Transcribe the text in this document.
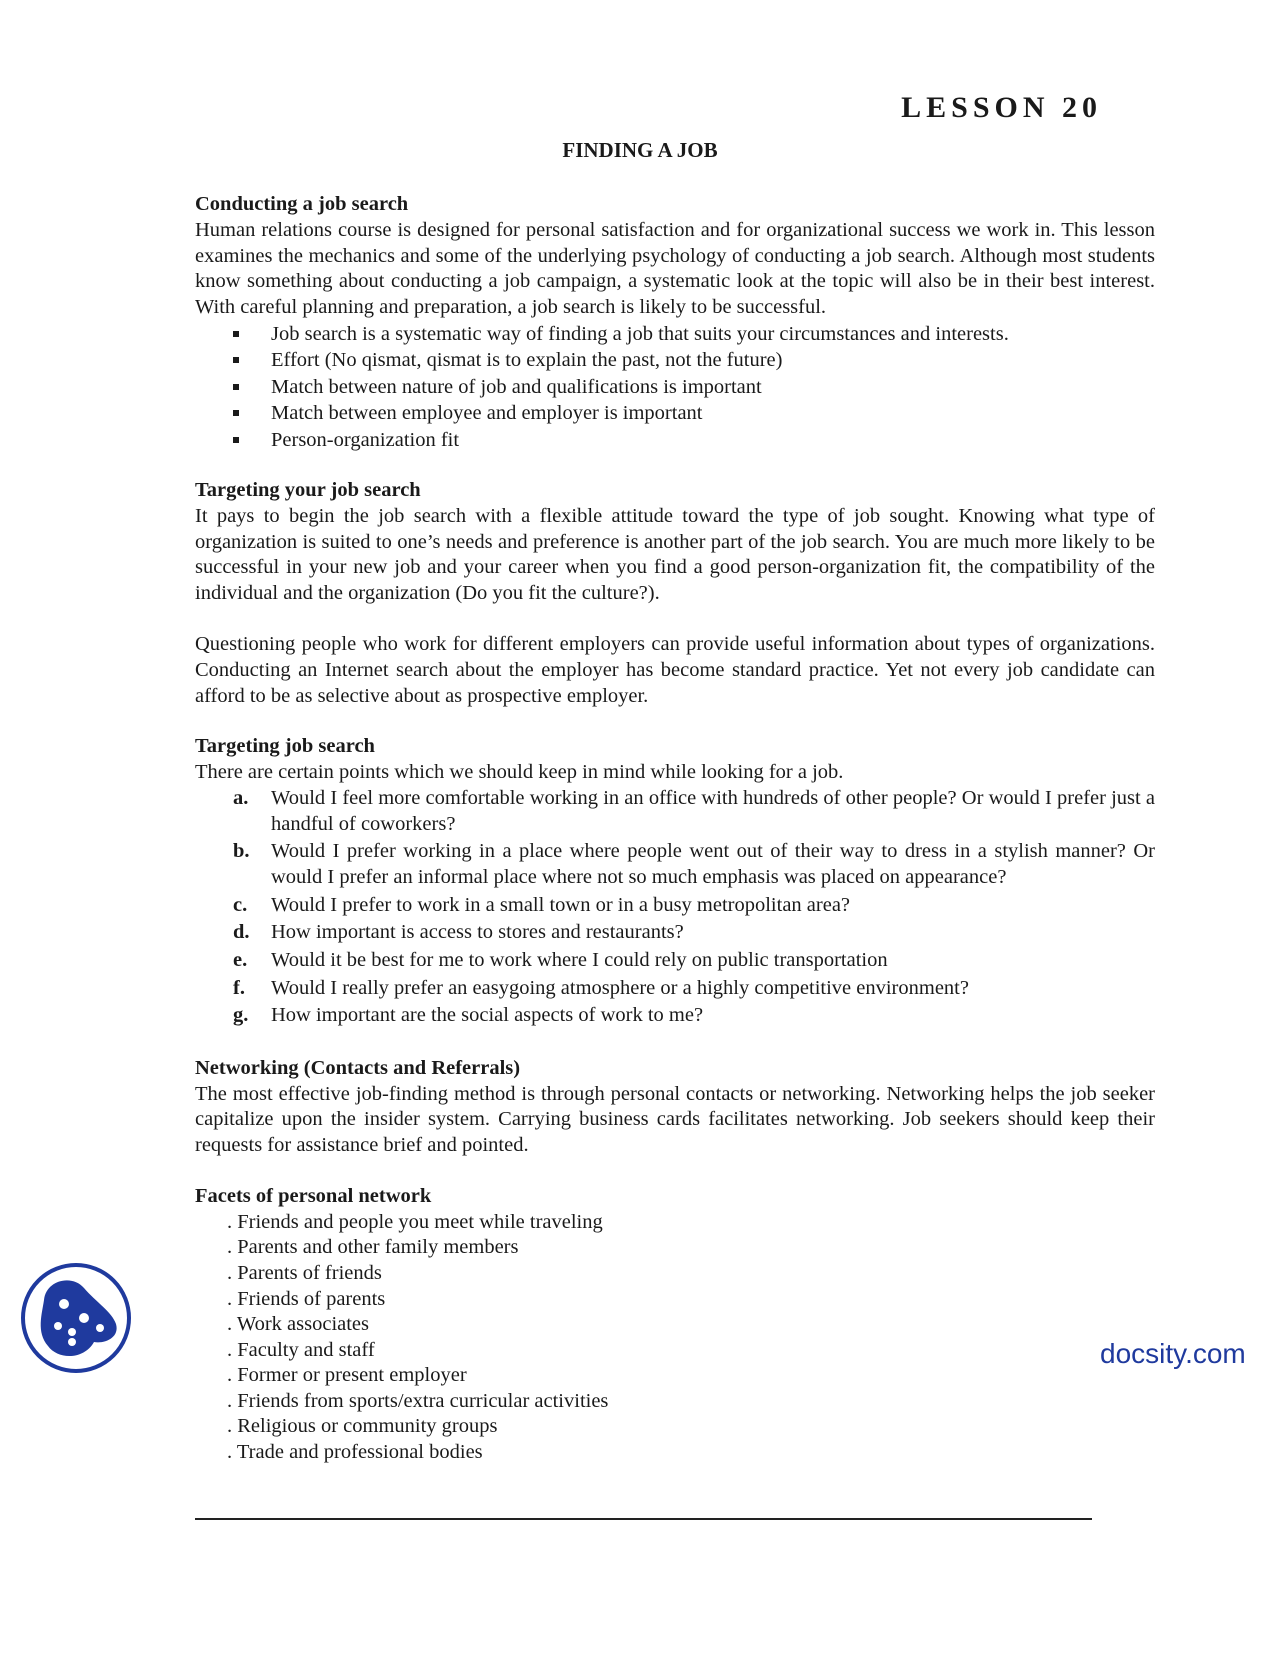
LESSON 20
FINDING A JOB
Conducting a job search

Human relations course is designed for personal satisfaction and for organizational success we work in. This lesson examines the mechanics and some of the underlying psychology of conducting a job search. Although most students know something about conducting a job campaign, a systematic look at the topic will also be in their best interest. With careful planning and preparation, a job search is likely to be successful.

Job search is a systematic way of finding a job that suits your circumstances and interests.
Effort (No qismat, qismat is to explain the past, not the future)
Match between nature of job and qualifications is important
Match between employee and employer is important
Person-organization fit
Targeting your job search

It pays to begin the job search with a flexible attitude toward the type of job sought. Knowing what type of organization is suited to one’s needs and preference is another part of the job search. You are much more likely to be successful in your new job and your career when you find a good person-organization fit, the compatibility of the individual and the organization (Do you fit the culture?).

Questioning people who work for different employers can provide useful information about types of organizations. Conducting an Internet search about the employer has become standard practice. Yet not every job candidate can afford to be as selective about as prospective employer.

Targeting job search

There are certain points which we should keep in mind while looking for a job.

a.	Would I feel more comfortable working in an office with hundreds of other people? Or would I prefer just a handful of coworkers?
b.	Would I prefer working in a place where people went out of their way to dress in a stylish manner? Or would I prefer an informal place where not so much emphasis was placed on appearance?
c.	Would I prefer to work in a small town or in a busy metropolitan area?
d.	How important is access to stores and restaurants?
e.	Would it be best for me to work where I could rely on public transportation
f.	Would I really prefer an easygoing atmosphere or a highly competitive environment?
g.	How important are the social aspects of work to me?
Networking (Contacts and Referrals)

The most effective job-finding method is through personal contacts or networking. Networking helps the job seeker capitalize upon the insider system. Carrying business cards facilitates networking. Job seekers should keep their requests for assistance brief and pointed.

Facets of personal network
. Friends and people you meet while traveling
. Parents and other family members
. Parents of friends
. Friends of parents
. Work associates
. Faculty and staff
. Former or present employer
. Friends from sports/extra curricular activities
. Religious or community groups
. Trade and professional bodies
docsity.com
